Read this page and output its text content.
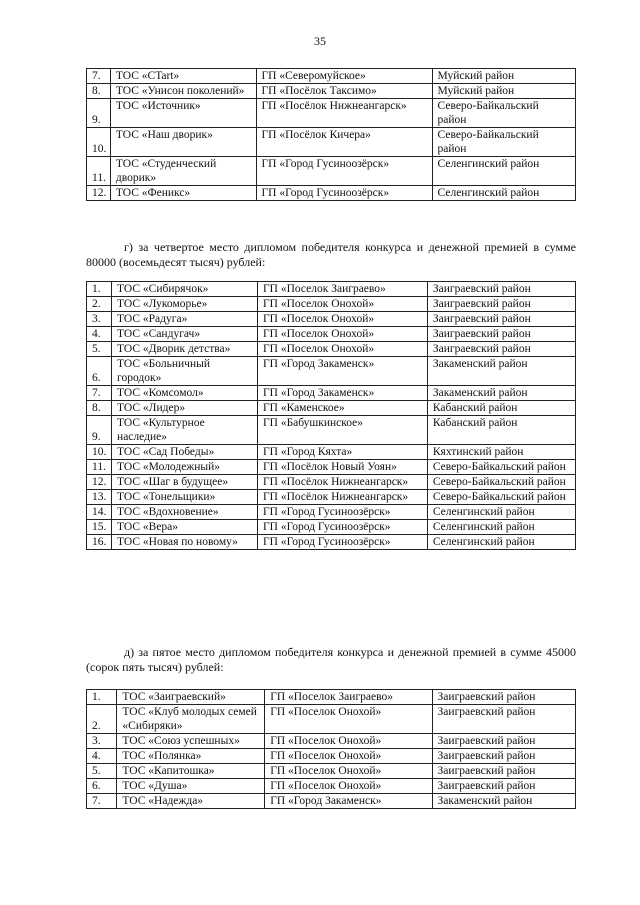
35
7.	ТОС «CTart»	ГП «Северомуйское»	Муйский район
8.	ТОС «Унисон поколений»	ГП «Посёлок Таксимо»	Муйский район
9.	ТОС «Источник»	ГП «Посёлок Нижнеангарск»	Северо-Байкальский район
10.	ТОС «Наш дворик»	ГП «Посёлок Кичера»	Северо-Байкальский район
11.	ТОС «Студенческий дворик»	ГП «Город Гусиноозёрск»	Селенгинский район
12.	ТОС «Феникс»	ГП «Город Гусиноозёрск»	Селенгинский район
г) за четвертое место дипломом победителя конкурса и денежной премией в сумме 80000 (восемьдесят тысяч) рублей:
1.	ТОС «Сибирячок»	ГП «Поселок Заиграево»	Заиграевский район
2.	ТОС «Лукоморье»	ГП «Поселок Онохой»	Заиграевский район
3.	ТОС «Радуга»	ГП «Поселок Онохой»	Заиграевский район
4.	ТОС «Сандугач»	ГП «Поселок Онохой»	Заиграевский район
5.	ТОС «Дворик детства»	ГП «Поселок Онохой»	Заиграевский район
6.	ТОС «Больничный городок»	ГП «Город Закаменск»	Закаменский район
7.	ТОС «Комсомол»	ГП «Город Закаменск»	Закаменский район
8.	ТОС «Лидер»	ГП «Каменское»	Кабанский район
9.	ТОС «Культурное наследие»	ГП «Бабушкинское»	Кабанский район
10.	ТОС «Сад Победы»	ГП «Город Кяхта»	Кяхтинский район
11.	ТОС «Молодежный»	ГП «Посёлок Новый Уоян»	Северо-Байкальский район
12.	ТОС «Шаг в будущее»	ГП «Посёлок Нижнеангарск»	Северо-Байкальский район
13.	ТОС «Тонельщики»	ГП «Посёлок Нижнеангарск»	Северо-Байкальский район
14.	ТОС «Вдохновение»	ГП «Город Гусиноозёрск»	Селенгинский район
15.	ТОС «Вера»	ГП «Город Гусиноозёрск»	Селенгинский район
16.	ТОС «Новая по новому»	ГП «Город Гусиноозёрск»	Селенгинский район
д) за пятое место дипломом победителя конкурса и денежной премией в сумме 45000 (сорок пять тысяч) рублей:
1.	ТОС «Заиграевский»	ГП «Поселок Заиграево»	Заиграевский район
2.	ТОС «Клуб молодых семей «Сибиряки»	ГП «Поселок Онохой»	Заиграевский район
3.	ТОС «Союз успешных»	ГП «Поселок Онохой»	Заиграевский район
4.	ТОС «Полянка»	ГП «Поселок Онохой»	Заиграевский район
5.	ТОС «Капитошка»	ГП «Поселок Онохой»	Заиграевский район
6.	ТОС «Душа»	ГП «Поселок Онохой»	Заиграевский район
7.	ТОС «Надежда»	ГП «Город Закаменск»	Закаменский район
